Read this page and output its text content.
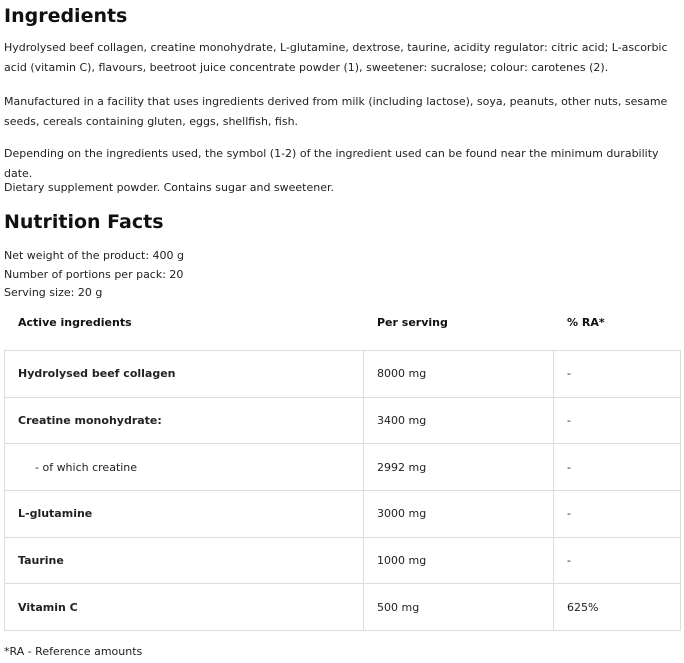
Ingredients

Hydrolysed beef collagen, creatine monohydrate, L-glutamine, dextrose, taurine, acidity regulator: citric acid; L-ascorbic acid (vitamin C), flavours, beetroot juice concentrate powder (1), sweetener: sucralose; colour: carotenes (2).

Manufactured in a facility that uses ingredients derived from milk (including lactose), soya, peanuts, other nuts, sesame seeds, cereals containing gluten, eggs, shellfish, fish.

Depending on the ingredients used, the symbol (1-2) of the ingredient used can be found near the minimum durability date.

Dietary supplement powder. Contains sugar and sweetener.

Nutrition Facts
Net weight of the product: 400 g
Number of portions per pack: 20
Serving size: 20 g
Active ingredients	Per serving	% RA*
Hydrolysed beef collagen	8000 mg	-
Creatine monohydrate:	3400 mg	-
- of which creatine	2992 mg	-
L-glutamine	3000 mg	-
Taurine	1000 mg	-
Vitamin C	500 mg	625%
*RA - Reference amounts
